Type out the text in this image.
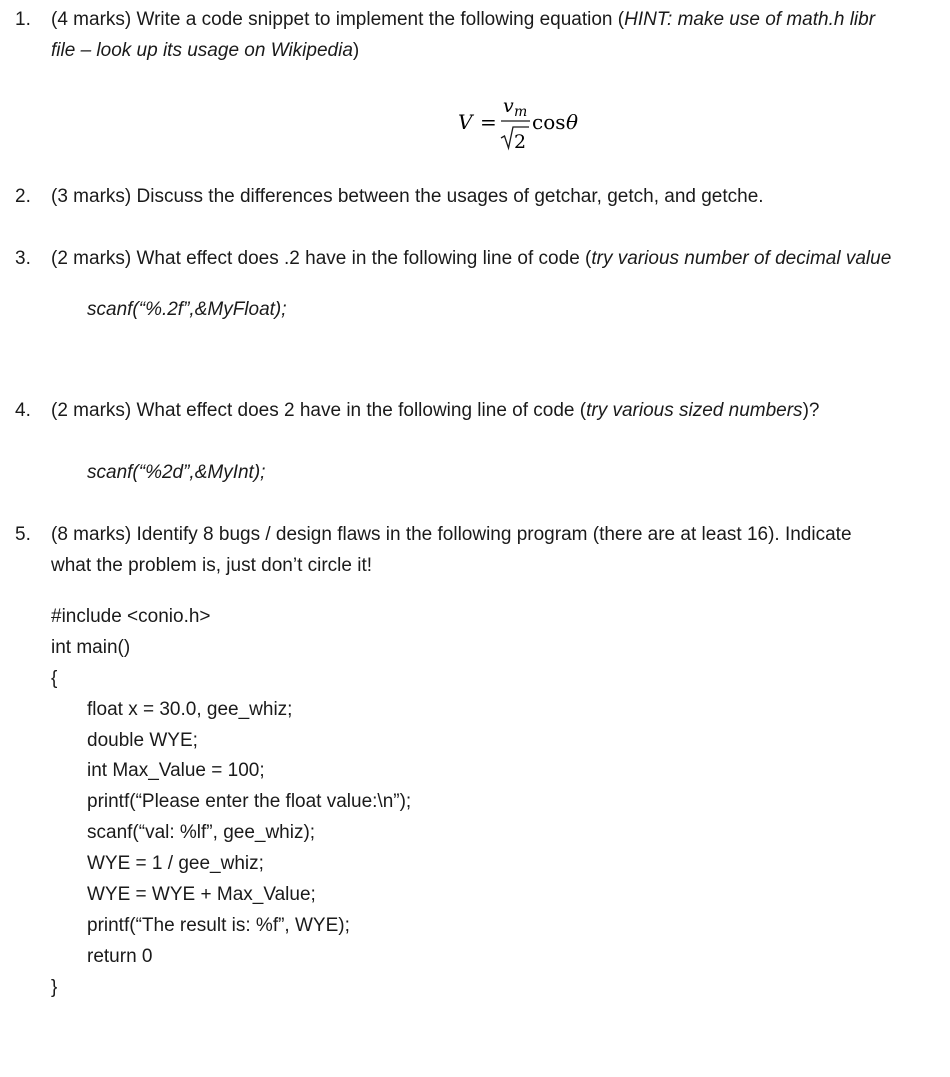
1. (4 marks) Write a code snippet to implement the following equation (HINT: make use of math.h libr
file – look up its usage on Wikipedia)
V =
v m
2
cos θ
2. (3 marks) Discuss the differences between the usages of getchar, getch, and getche.
3. (2 marks) What effect does .2 have in the following line of code (try various number of decimal value
scanf(“%.2f”,&MyFloat);
4. (2 marks) What effect does 2 have in the following line of code (try various sized numbers)?
scanf(“%2d”,&MyInt);
5. (8 marks) Identify 8 bugs / design flaws in the following program (there are at least 16). Indicate
what the problem is, just don’t circle it!
#include <conio.h>
int main()
{
float x = 30.0, gee_whiz;
double WYE;
int Max_Value = 100;
printf(“Please enter the float value:\n”);
scanf(“val: %lf”, gee_whiz);
WYE = 1 / gee_whiz;
WYE = WYE + Max_Value;
printf(“The result is: %f”, WYE);
return 0
}
